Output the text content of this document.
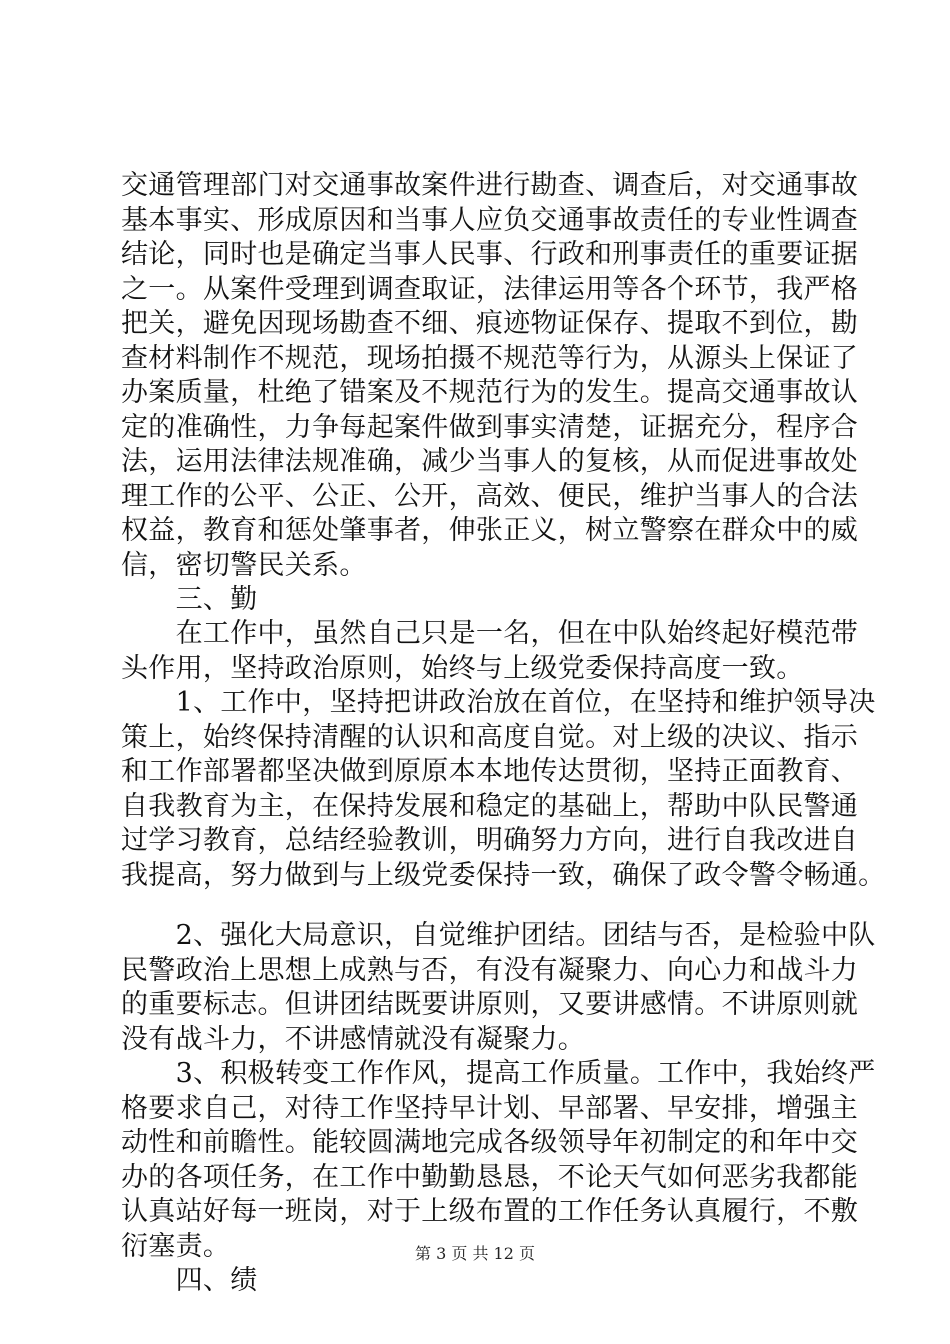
交通管理部门对交通事故案件进行勘查、调查后，对交通事故
基本事实、形成原因和当事人应负交通事故责任的专业性调查
结论，同时也是确定当事人民事、行政和刑事责任的重要证据
之一。从案件受理到调查取证，法律运用等各个环节，我严格
把关，避免因现场勘查不细、痕迹物证保存、提取不到位，勘
查材料制作不规范，现场拍摄不规范等行为，从源头上保证了
办案质量，杜绝了错案及不规范行为的发生。提高交通事故认
定的准确性，力争每起案件做到事实清楚，证据充分，程序合
法，运用法律法规准确，减少当事人的复核，从而促进事故处
理工作的公平、公正、公开，高效、便民，维护当事人的合法
权益，教育和惩处肇事者，伸张正义，树立警察在群众中的威
信，密切警民关系。
　　三、勤
　　在工作中，虽然自己只是一名，但在中队始终起好模范带
头作用，坚持政治原则，始终与上级党委保持高度一致。
　　1、工作中，坚持把讲政治放在首位，在坚持和维护领导决
策上，始终保持清醒的认识和高度自觉。对上级的决议、指示
和工作部署都坚决做到原原本本地传达贯彻，坚持正面教育、
自我教育为主，在保持发展和稳定的基础上，帮助中队民警通
过学习教育，总结经验教训，明确努力方向，进行自我改进自
我提高，努力做到与上级党委保持一致，确保了政令警令畅通。
　　2、强化大局意识，自觉维护团结。团结与否，是检验中队
民警政治上思想上成熟与否，有没有凝聚力、向心力和战斗力
的重要标志。但讲团结既要讲原则，又要讲感情。不讲原则就
没有战斗力，不讲感情就没有凝聚力。
　　3、积极转变工作作风，提高工作质量。工作中，我始终严
格要求自己，对待工作坚持早计划、早部署、早安排，增强主
动性和前瞻性。能较圆满地完成各级领导年初制定的和年中交
办的各项任务，在工作中勤勤恳恳，不论天气如何恶劣我都能
认真站好每一班岗，对于上级布置的工作任务认真履行，不敷
衍塞责。
　　四、绩
第 3 页 共 12 页
